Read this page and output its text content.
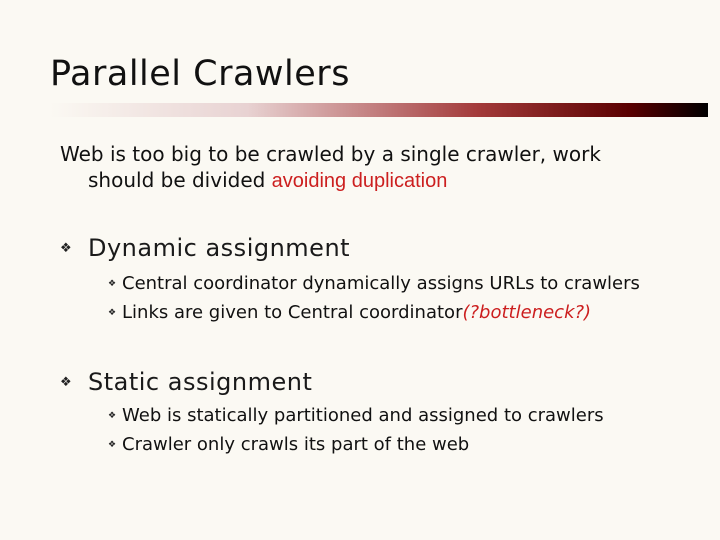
Parallel Crawlers

Web is too big to be crawled by a single crawler, work
should be divided avoiding duplication

❖ Dynamic assignment
❖ Central coordinator dynamically assigns URLs to crawlers
❖ Links are given to Central coordinator (?bottleneck?)
❖ Static assignment
❖ Web is statically partitioned and assigned to crawlers
❖ Crawler only crawls its part of the web
